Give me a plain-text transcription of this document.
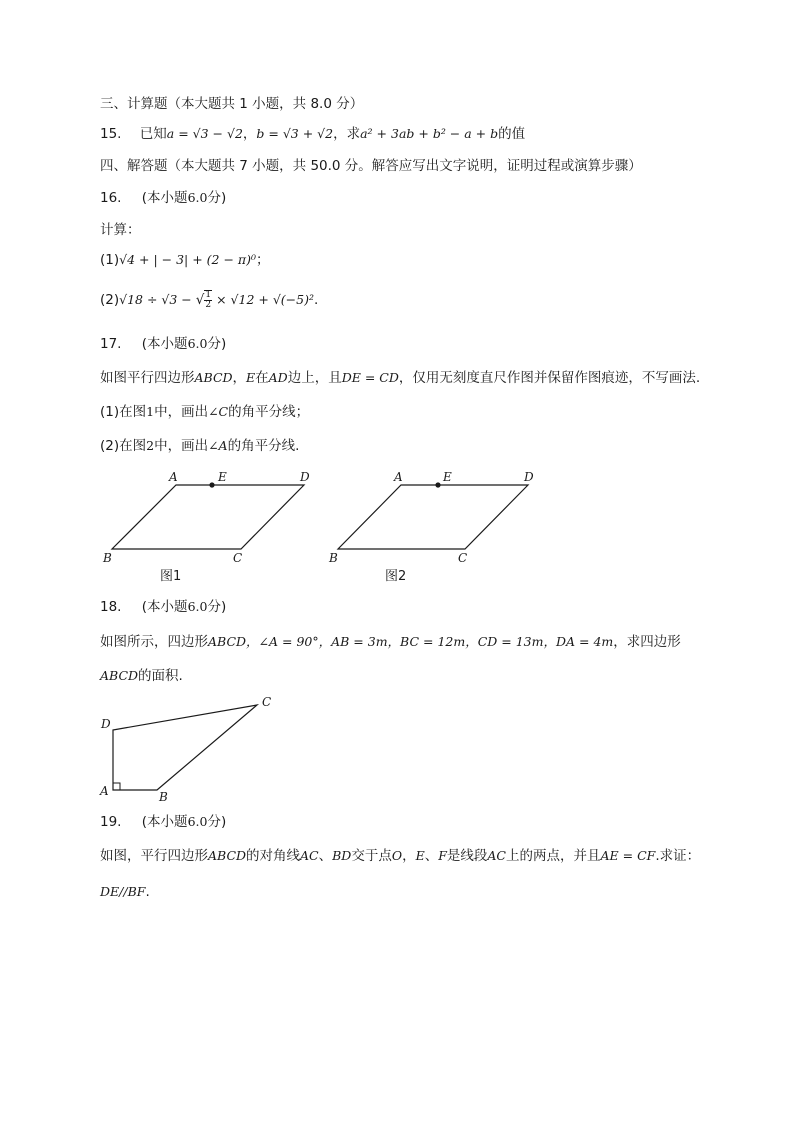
三、计算题（本大题共 1 小题，共 8.0 分）
15. 已知a = √3 − √2，b = √3 + √2，求a² + 3ab + b² − a + b的值
四、解答题（本大题共 7 小题，共 50.0 分。解答应写出文字说明，证明过程或演算步骤）
16. (本小题6.0分)
计算：
(1)√4 + | − 3| + (2 − π)⁰；
(2)√18 ÷ √3 − √ $\frac{1}{2} \times √12 + √(-5)^2$.
17. (本小题6.0分)
如图平行四边形ABCD，E在AD边上，且DE = CD，仅用无刻度直尺作图并保留作图痕迹，不写画法.
(1)在图1中，画出∠C的角平分线；
(2)在图2中，画出∠A的角平分线.
A	E	D
B	C
图1
A	E	D
B	C
图2
18. (本小题6.0分)
如图所示，四边形ABCD，∠A = 90°，AB = 3m，BC = 12m，CD = 13m，DA = 4m，求四边形
ABCD的面积.
D
C
A	B
19. (本小题6.0分)
如图，平行四边形ABCD的对角线AC、BD交于点O，E、F是线段AC上的两点，并且AE = CF.求证：
DE//BF.
